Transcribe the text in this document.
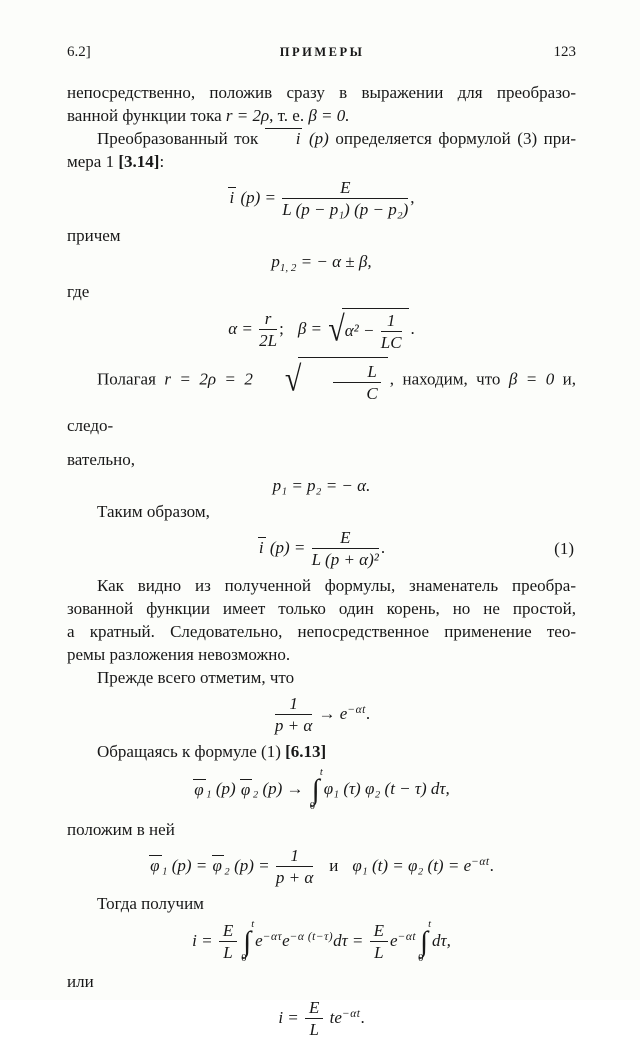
6.2]	ПРИМЕРЫ	123
непосредственно, положив сразу в выражении для преобразо-
ванной функции тока r = 2ρ, т. е. β = 0.
Преобразованный ток i (p) определяется формулой (3) при-
мера 1 [3.14]:
i $(p) = \frac{E}{\text{L (p − p₁) (p − p₂)}}$ ,
причем
$p_{1, 2}$ = − α ± β,
где
$\alpha = \frac{r}{2L}$ ; β = √ $\alpha^2 - \frac{1}{LC}$ .
Полагая r = 2ρ = 2	√ $\frac{L}{C}$ , находим, что β = 0 и, следо-
вательно,
p₁ = p₂ = − α.
Таким образом,
i $(p) = \frac{E}{\text{L (p + α)²}}$ .	(1)
Как видно из полученной формулы, знаменатель преобра-
зованной функции имеет только один корень, но не простой,
а кратный. Следовательно, непосредственное применение тео-
ремы разложения невозможно.
Прежде всего отметим, что
$\frac{1}{p + \alpha} \to e^{-\alpha t}$.
Обращаясь к формуле (1) [6.13]
φ ₁ (p) φ ₂ (p) →
t
∫
0
φ₁ (τ) φ₂ (t − τ) dτ,
положим в ней
φ ₁ (p) = φ ₂ $(p) = \frac{1}{p + \alpha}$ и φ₁ (t) = φ₂ $(t) = e^{-\alpha t}$.
Тогда получим
$i = \frac{E}{L}$ t
∫
0
$e^{-\alpha\tau}e^{-\alpha (t-\tau)}d\tau = \frac{E}{L} e^{-\alpha t}$
t
∫
0
dτ,
или
$i = \frac{E}{L} te^{-\alpha t}$.
